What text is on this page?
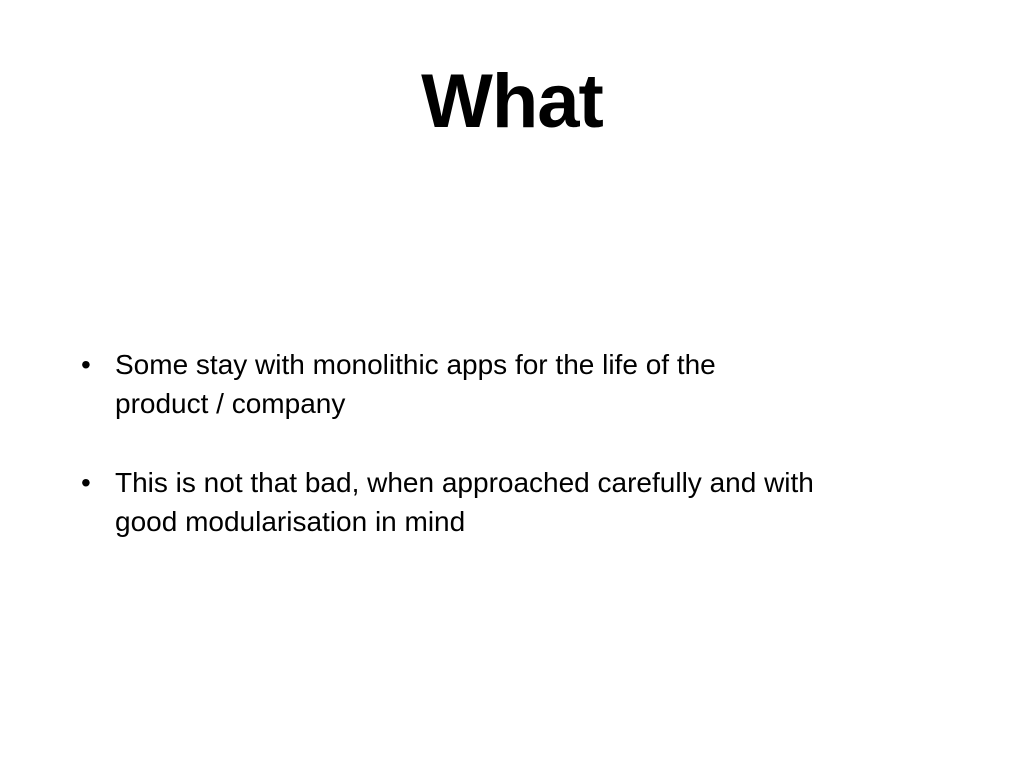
What
• Some stay with monolithic apps for the life of the
product / company
• This is not that bad, when approached carefully and with
good modularisation in mind
